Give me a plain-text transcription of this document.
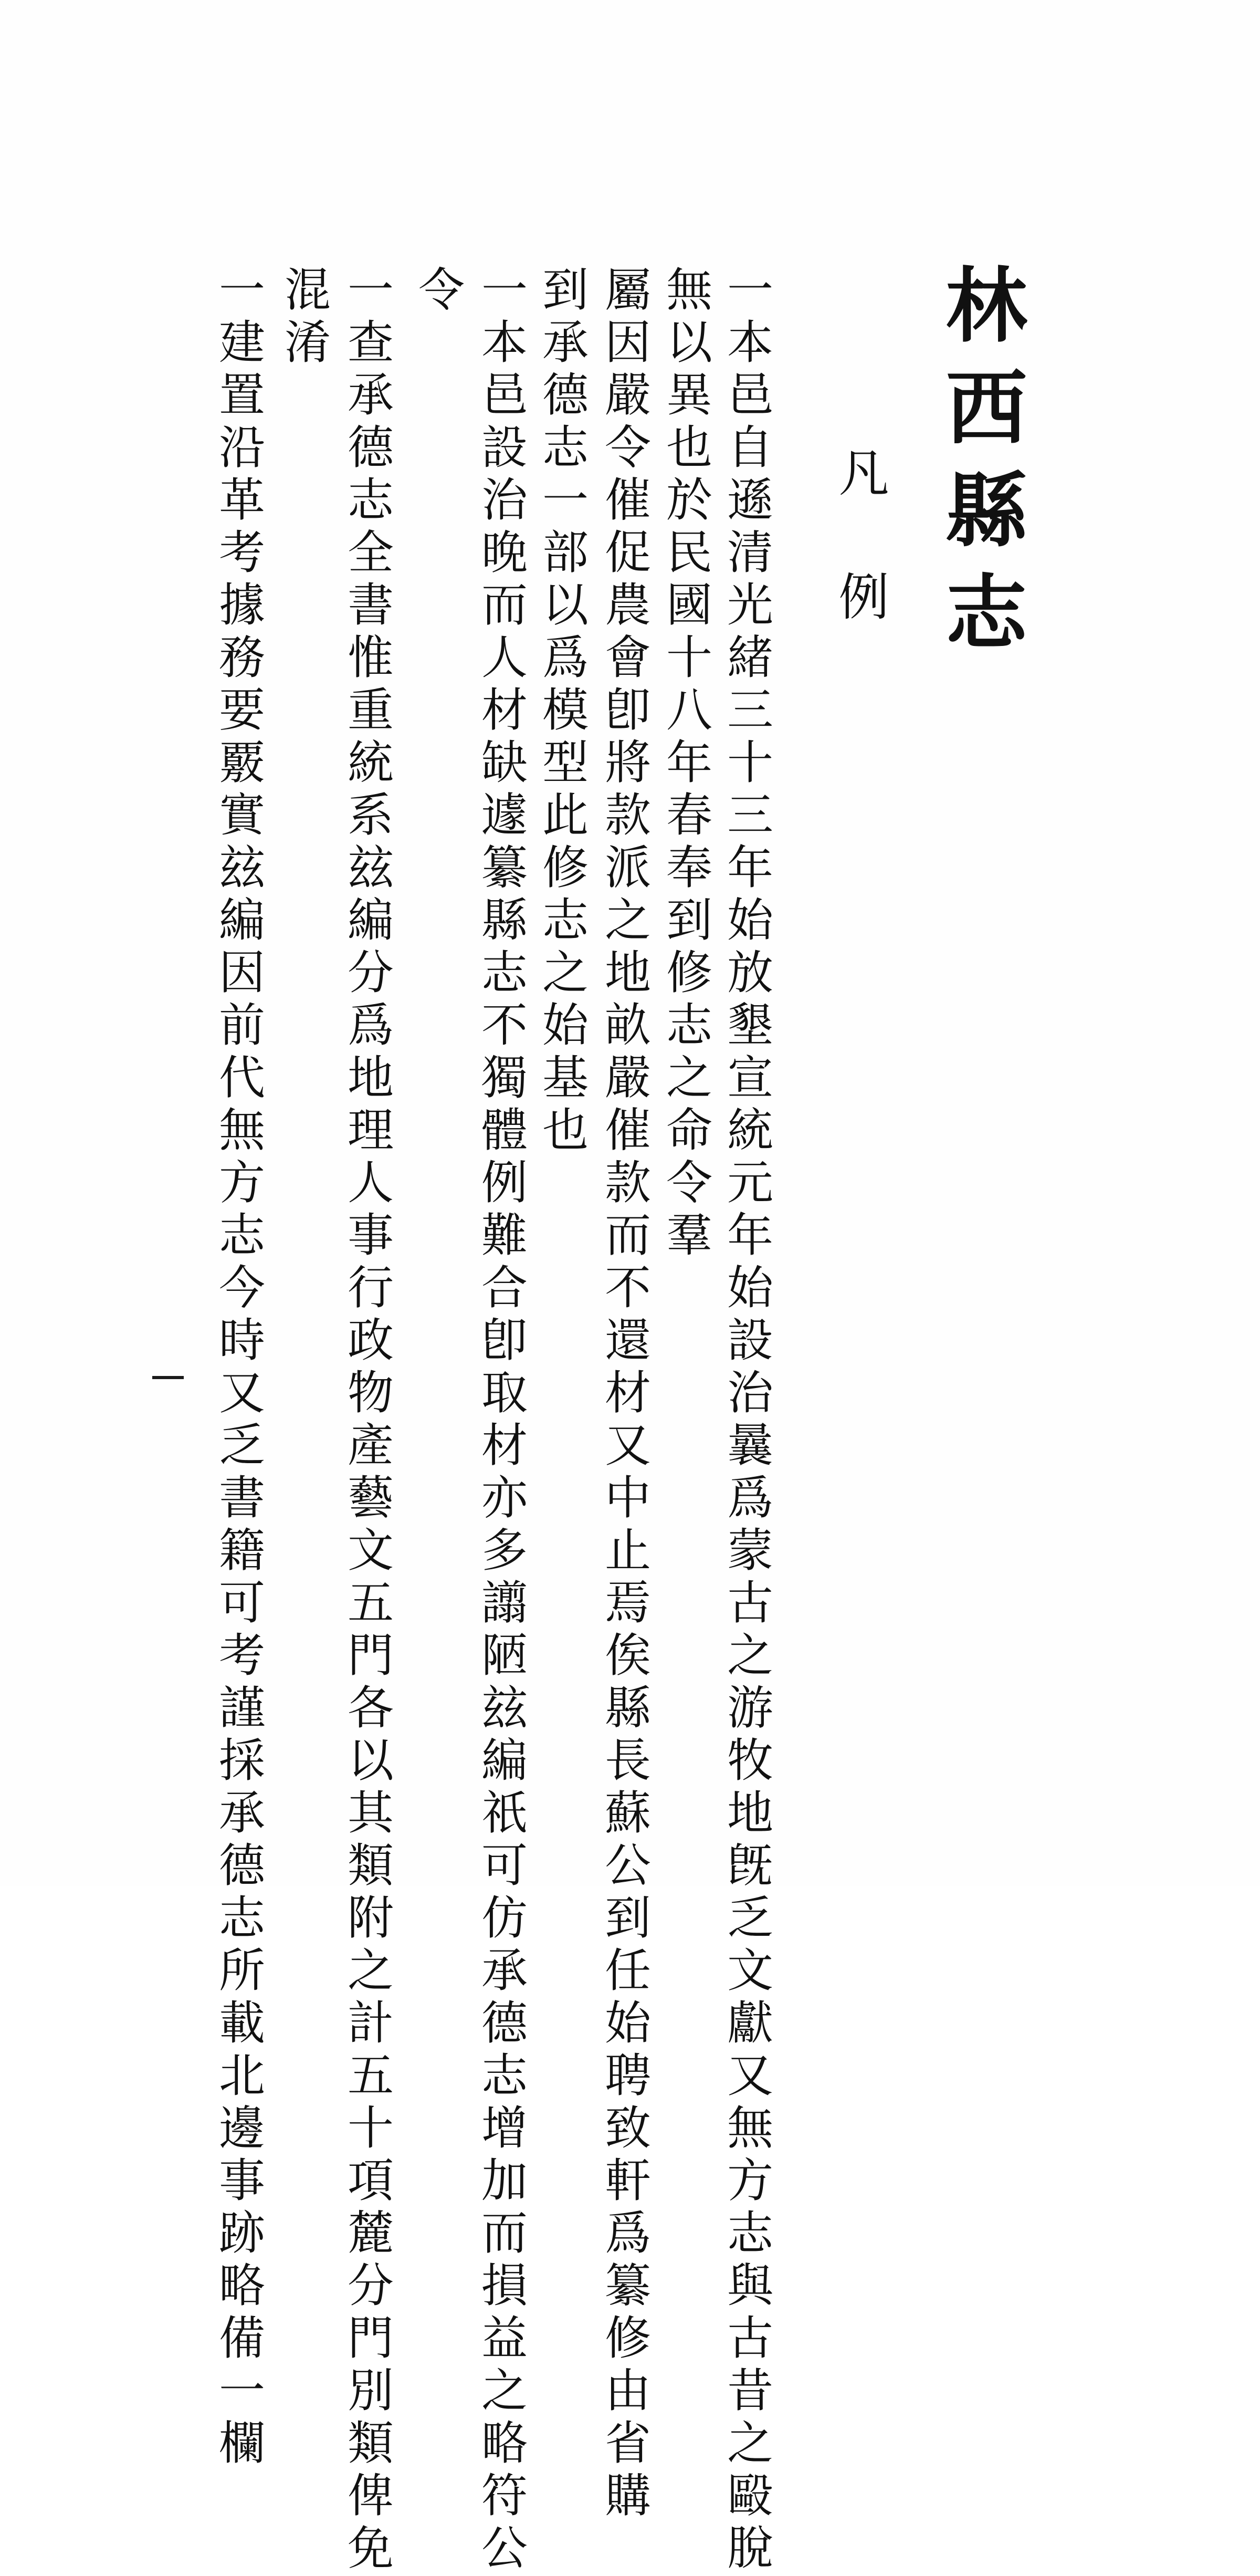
林西縣志
凡例
一本邑自遜清光緒三十三年始放墾宣統元年始設治曩爲蒙古之游牧地旣乏文獻又無方志與古昔之毆脫
無以異也於民國十八年春奉到修志之命令羣
屬因嚴令催促農會卽將款派之地畝嚴催款而不還材又中止焉俟縣長蘇公到任始聘致軒爲纂修由省購
到承德志一部以爲模型此修志之始基也
一本邑設治晚而人材缺遽纂縣志不獨體例難合卽取材亦多譾陋玆編祇可仿承德志增加而損益之略符公
令
一查承德志全書惟重統系玆編分爲地理人事行政物產藝文五門各以其類附之計五十項麓分門別類俾免
混淆
一建置沿革考據務要覈實玆編因前代無方志今時又乏書籍可考謹採承德志所載北邊事跡略備一欄
